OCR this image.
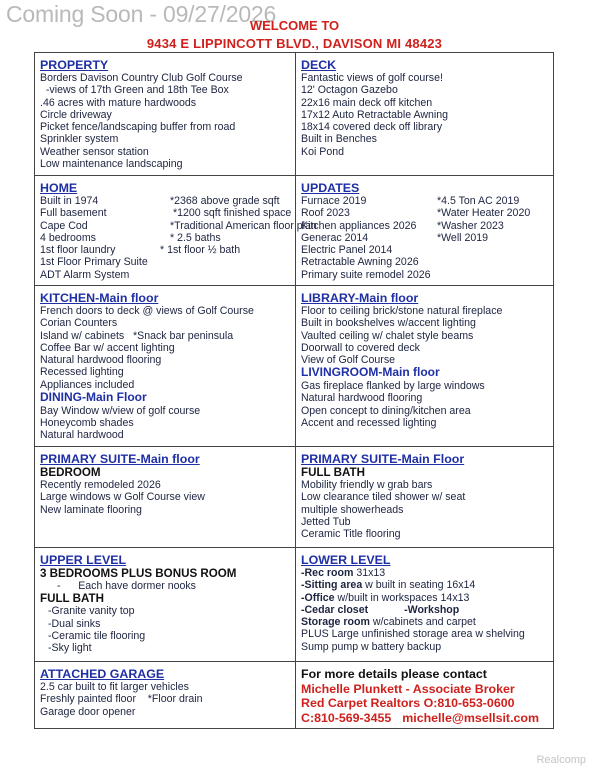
Coming Soon - 09/27/2026
WELCOME TO
9434 E LIPPINCOTT BLVD., DAVISON MI 48423
PROPERTY
Borders Davison Country Club Golf Course
-views of 17th Green and 18th Tee Box
.46 acres with mature hardwoods
Circle driveway
Picket fence/landscaping buffer from road
Sprinkler system
Weather sensor station
Low maintenance landscaping
DECK
Fantastic views of golf course!
12' Octagon Gazebo
22x16 main deck off kitchen
17x12 Auto Retractable Awning
18x14 covered deck off library
Built in Benches
Koi Pond
HOME
Built in 1974	*2368 above grade sqft
Full basement	*1200 sqft finished space
Cape Cod	*Traditional American floor plan
4 bedrooms	* 2.5 baths
1st floor laundry	* 1st floor ½ bath
1st Floor Primary Suite
ADT Alarm System
UPDATES
Furnace 2019	*4.5 Ton AC 2019
Roof 2023	*Water Heater 2020
Kitchen appliances 2026	*Washer 2023
Generac 2014	*Well 2019
Electric Panel 2014
Retractable Awning 2026
Primary suite remodel 2026
KITCHEN-Main floor
French doors to deck @ views of Golf Course
Corian Counters
Island w/ cabinets   *Snack bar peninsula
Coffee Bar w/ accent lighting
Natural hardwood flooring
Recessed lighting
Appliances included
DINING-Main Floor
Bay Window w/view of golf course
Honeycomb shades
Natural hardwood
LIBRARY-Main floor
Floor to ceiling brick/stone natural fireplace
Built in bookshelves w/accent lighting
Vaulted ceiling w/ chalet style beams
Doorwall to covered deck
View of Golf Course
LIVINGROOM-Main floor
Gas fireplace flanked by large windows
Natural hardwood flooring
Open concept to dining/kitchen area
Accent and recessed lighting
PRIMARY SUITE-Main floor
BEDROOM
Recently remodeled 2026
Large windows w Golf Course view
New laminate flooring
PRIMARY SUITE-Main Floor
FULL BATH
Mobility friendly w grab bars
Low clearance tiled shower w/ seat
multiple showerheads
Jetted Tub
Ceramic Title flooring
UPPER LEVEL
3 BEDROOMS PLUS BONUS ROOM
-      Each have dormer nooks
FULL BATH
-Granite vanity top
-Dual sinks
-Ceramic tile flooring
-Sky light
LOWER LEVEL
-Rec room 31x13
-Sitting area w built in seating 16x14
-Office w/built in workspaces 14x13
-Cedar closet	-Workshop
Storage room w/cabinets and carpet
PLUS Large unfinished storage area w shelving
Sump pump w battery backup
ATTACHED GARAGE
2.5 car built to fit larger vehicles
Freshly painted floor    *Floor drain
Garage door opener
For more details please contact
Michelle Plunkett - Associate Broker
Red Carpet Realtors O:810-653-0600
C:810-569-3455 michelle@msellsit.com
Realcomp
